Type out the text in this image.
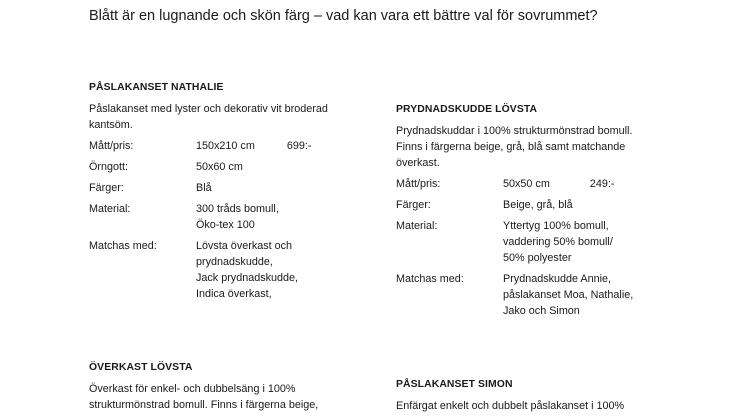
Blått är en lugnande och skön färg – vad kan vara ett bättre val för sovrummet?
PÅSLAKANSET NATHALIE
Påslakanset med lyster och dekorativ vit broderad
kantsöm.
Mått/pris:	150x210 cm	699:-
Örngott:	50x60 cm
Färger:	Blå
Material:	300 tråds bomull,
Öko-tex 100
Matchas med:	Lövsta överkast och
prydnadskudde,
Jack prydnadskudde,
Indica överkast,
PRYDNADSKUDDE LÖVSTA
Prydnadskuddar i 100% strukturmönstrad bomull.
Finns i färgerna beige, grå, blå samt matchande
överkast.
Mått/pris:	50x50 cm	249:-
Färger:	Beige, grå, blå
Material:	Yttertyg 100% bomull,
vaddering 50% bomull/
50% polyester
Matchas med:	Prydnadskudde Annie,
påslakanset Moa, Nathalie,
Jako och Simon
ÖVERKAST LÖVSTA
Överkast för enkel- och dubbelsäng i 100%
strukturmönstrad bomull. Finns i färgerna beige,
PÅSLAKANSET SIMON
Enfärgat enkelt och dubbelt påslakanset i 100%
